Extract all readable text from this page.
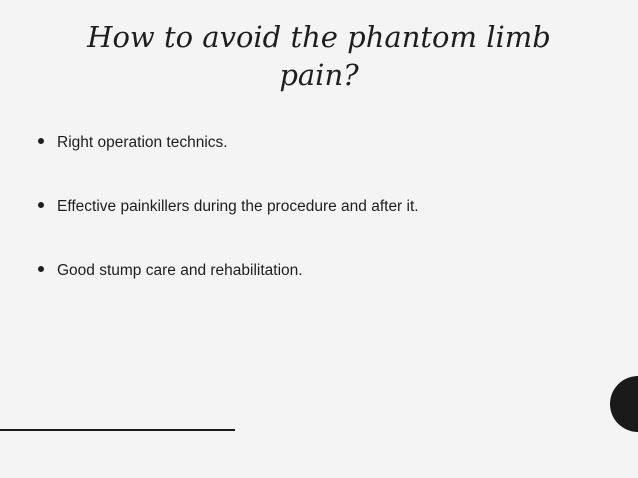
How to avoid the phantom limb
pain?
Right operation technics.
Effective painkillers during the procedure and after it.
Good stump care and rehabilitation.
